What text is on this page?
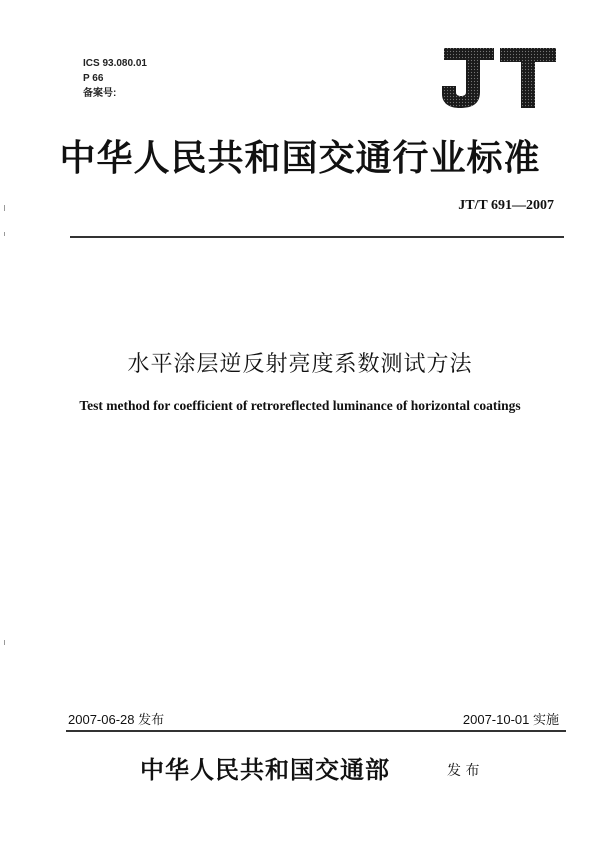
ICS 93.080.01
P 66
备案号:
中华人民共和国交通行业标准
JT/T 691—2007
水平涂层逆反射亮度系数测试方法
Test method for coefficient of retroreflected luminance of horizontal coatings
2007-06-28 发布	2007-10-01 实施
中华人民共和国交通部	发 布
